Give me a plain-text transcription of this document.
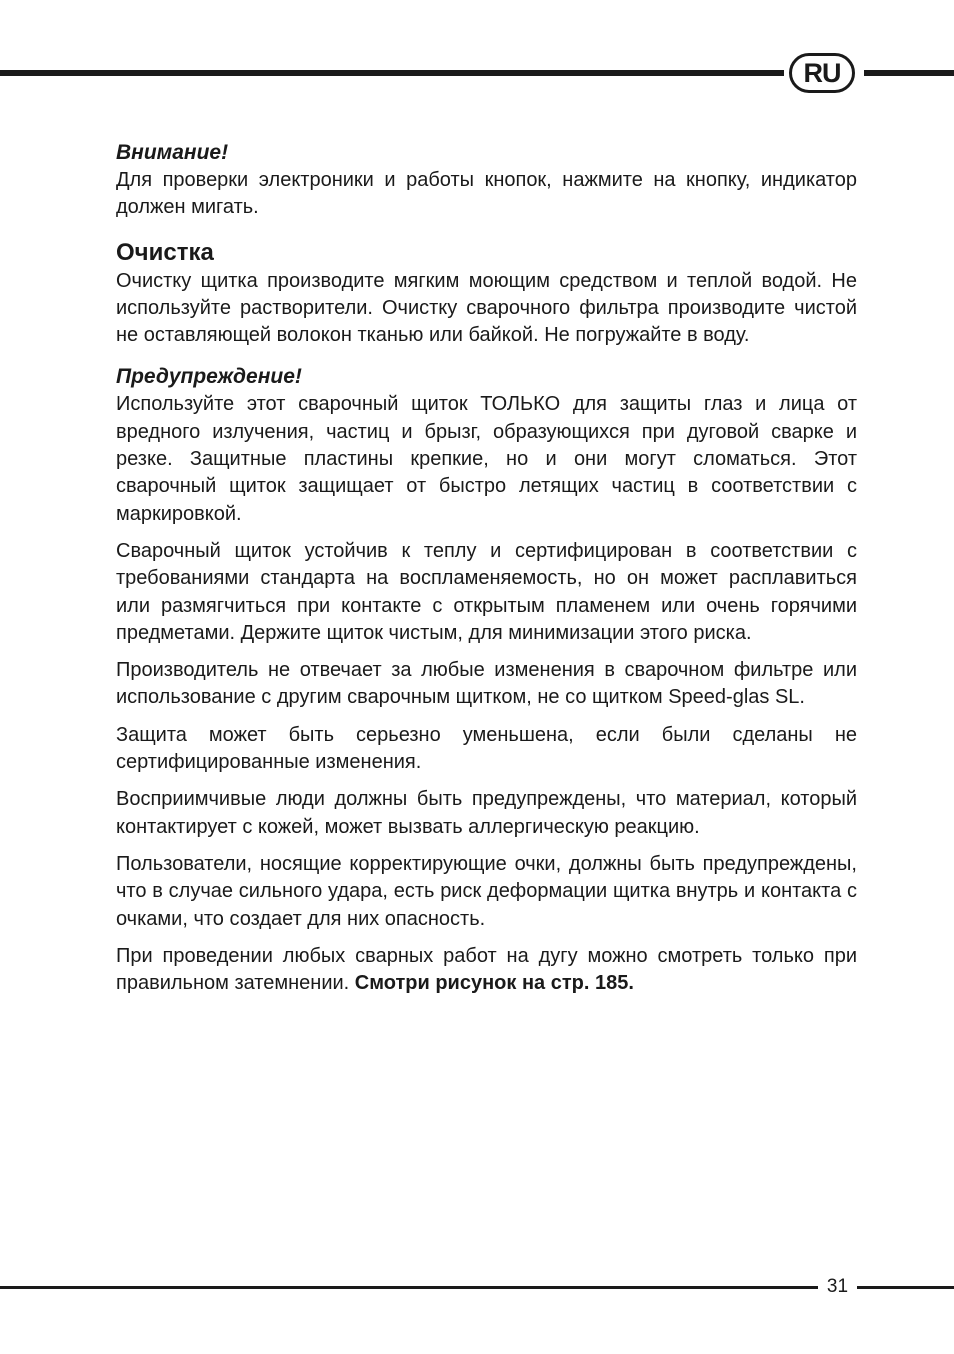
RU
Внимание!

Для проверки электроники и работы кнопок, нажмите на кнопку, индикатор должен мигать.

Очистка

Очистку щитка производите мягким моющим средством и теплой водой. Не используйте растворители. Очистку сварочного фильтра производите чистой не оставляющей волокон тканью или байкой. Не погружайте в воду.

Предупреждение!

Используйте этот сварочный щиток ТОЛЬКО для защиты глаз и лица от вредного излучения, частиц и брызг, образующихся при дуговой сварке и резке. Защитные пластины крепкие, но и они могут сломаться. Этот сварочный щиток защищает от быстро летящих частиц в соответствии с маркировкой.

Сварочный щиток устойчив к теплу и сертифицирован в соответствии с требованиями стандарта на воспламеняемость, но он может расплавиться или размягчиться при контакте с открытым пламенем или очень горячими предметами. Держите щиток чистым, для минимизации этого риска.

Производитель не отвечает за любые изменения в сварочном фильтре или использование с другим сварочным щитком, не со щитком Speed-glas SL.

Защита может быть серьезно уменьшена, если были сделаны не сертифицированные изменения.

Восприимчивые люди должны быть предупреждены, что материал, который контактирует с кожей, может вызвать аллергическую реакцию.

Пользователи, носящие корректирующие очки, должны быть предупреждены, что в случае сильного удара, есть риск деформации щитка внутрь и контакта с очками, что создает для них опасность.

При проведении любых сварных работ на дугу можно смотреть только при правильном затемнении. Смотри рисунок на стр. 185.

31
